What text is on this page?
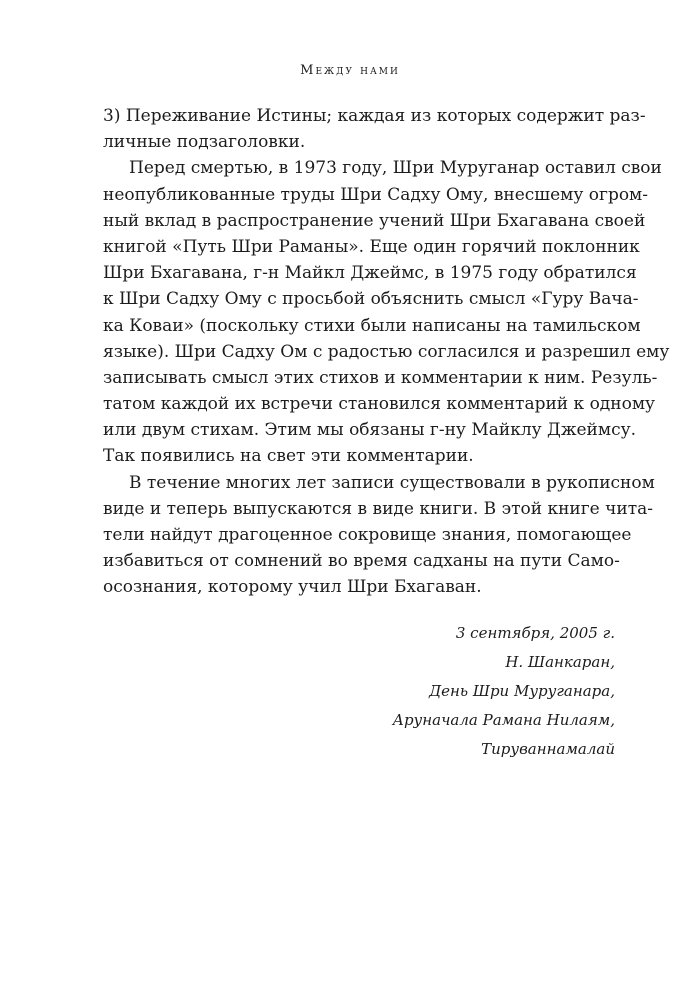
Между нами
3) Переживание Истины; каждая из которых содержит раз-
личные подзаголовки.
Перед смертью, в 1973 году, Шри Муруганар оставил свои
неопубликованные труды Шри Садху Ому, внесшему огром-
ный вклад в распространение учений Шри Бхагавана своей
книгой «Путь Шри Раманы». Еще один горячий поклонник
Шри Бхагавана, г-н Майкл Джеймс, в 1975 году обратился
к Шри Садху Ому с просьбой объяснить смысл «Гуру Вача-
ка Коваи» (поскольку стихи были написаны на тамильском
языке). Шри Садху Ом с радостью согласился и разрешил ему
записывать смысл этих стихов и комментарии к ним. Резуль-
татом каждой их встречи становился комментарий к одному
или двум стихам. Этим мы обязаны г-ну Майклу Джеймсу.
Так появились на свет эти комментарии.
В течение многих лет записи существовали в рукописном
виде и теперь выпускаются в виде книги. В этой книге чита-
тели найдут драгоценное сокровище знания, помогающее
избавиться от сомнений во время садханы на пути Само-
осознания, которому учил Шри Бхагаван.
3 сентября, 2005 г.
Н. Шанкаран,
День Шри Муруганара,
Аруначала Рамана Нилаям,
Тируваннамалай
